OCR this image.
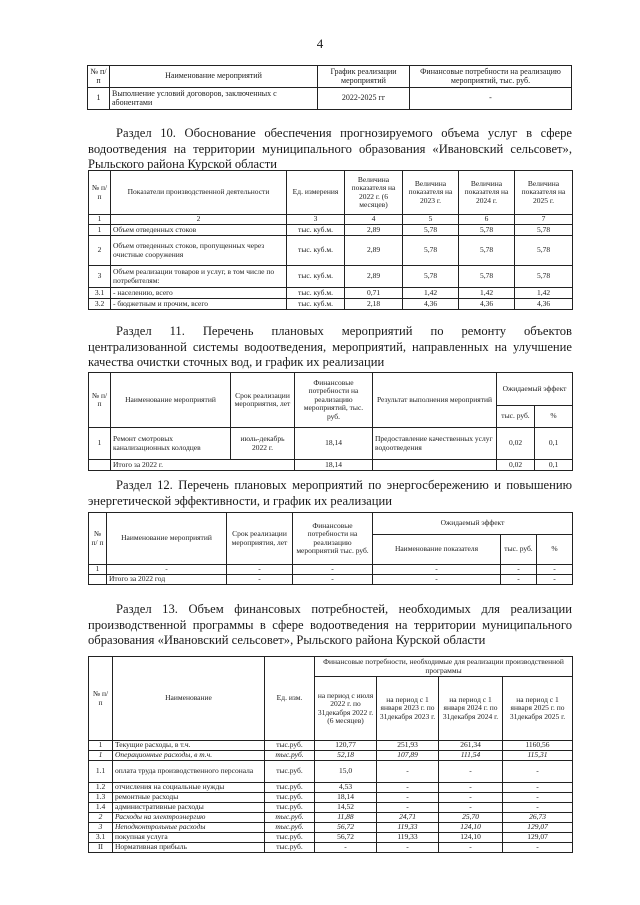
4
№ п/п	Наименование мероприятий	График реализации мероприятий	Финансовые потребности на реализацию мероприятий, тыс. руб.
1	Выполнение условий договоров, заключенных с абонентами	2022-2025 гг	-
Раздел 10. Обоснование обеспечения прогнозируемого объема услуг в сфере
водоотведения на территории муниципального образования «Ивановский сельсовет»,
Рыльского района Курской области
№ п/п	Показатели производственной деятельности	Ед. измерения	Величина показателя на 2022 г. (6 месяцев)	Величина показателя на 2023 г.	Величина показателя на 2024 г.	Величина показателя на 2025 г.
1	2	3	4	5	6	7
1	Объем отведенных стоков	тыс. куб.м.	2,89	5,78	5,78	5,78
2	Объем отведенных стоков, пропущенных через очистные сооружения	тыс. куб.м.	2,89	5,78	5,78	5,78
3	Объем реализации товаров и услуг, в том числе по потребителям:	тыс. куб.м.	2,89	5,78	5,78	5,78
3.1	- населению, всего	тыс. куб.м.	0,71	1,42	1,42	1,42
3.2	- бюджетным и прочим, всего	тыс. куб.м.	2,18	4,36	4,36	4,36
Раздел 11. Перечень плановых мероприятий по ремонту объектов
централизованной системы водоотведения, мероприятий, направленных на улучшение
качества очистки сточных вод, и график их реализации
№ п/п	Наименование мероприятий	Срок реализации мероприятия, лет	Финансовые потребности на реализацию мероприятий, тыс. руб.	Результат выполнения мероприятий	Ожидаемый эффект	
					тыс. руб.	%
1	Ремонт смотровых канализационных колодцев	июль-декабрь 2022 г.	18,14	Предоставление качественных услуг водоотведения	0,02	0,1
	Итого за 2022 г.		18,14		0,02	0,1
Раздел 12. Перечень плановых мероприятий по энергосбережению и повышению
энергетической эффективности, и график их реализации
№ п/ п	Наименование мероприятий	Срок реализации мероприятия, лет	Финансовые потребности на реализацию мероприятий тыс. руб.	Ожидаемый эффект		
				Наименование показателя	тыс. руб.	%
1	-	-	-	-	-	-
	Итого за 2022 год	-	-	-	-	-
Раздел 13. Объем финансовых потребностей, необходимых для реализации
производственной программы в сфере водоотведения на территории муниципального
образования «Ивановский сельсовет», Рыльского района Курской области
№ п/п	Наименование	Ед. изм.	Финансовые потребности, необходимые для реализации производственной программы			
			на период с июля 2022 г. по 31декабря 2022 г. (6 месяцев)	на период с 1 января 2023 г. по 31декабря 2023 г.	на период с 1 января 2024 г. по 31декабря 2024 г.	на период с 1 января 2025 г. по 31декабря 2025 г.
1	Текущие расходы, в т.ч.	тыс.руб.	120,77	251,93	261,34	1160,56
1	Операционные расходы, в т.ч.	тыс.руб.	52,18	107,89	111,54	115,31
1.1	оплата труда производственного персонала	тыс.руб.	15,0	-	-	-
1.2	отчисления на социальные нужды	тыс.руб.	4,53	-	-	-
1.3	ремонтные расходы	тыс.руб.	18,14	-	-	-
1.4	административные расходы	тыс.руб.	14,52	-	-	-
2	Расходы на электроэнергию	тыс.руб.	11,88	24,71	25,70	26,73
3	Неподконтрольные расходы	тыс.руб.	56,72	119,33	124,10	129,07
3.1	покупная услуга	тыс.руб.	56,72	119,33	124,10	129,07
II	Нормативная прибыль	тыс.руб.	-	-	-	-
